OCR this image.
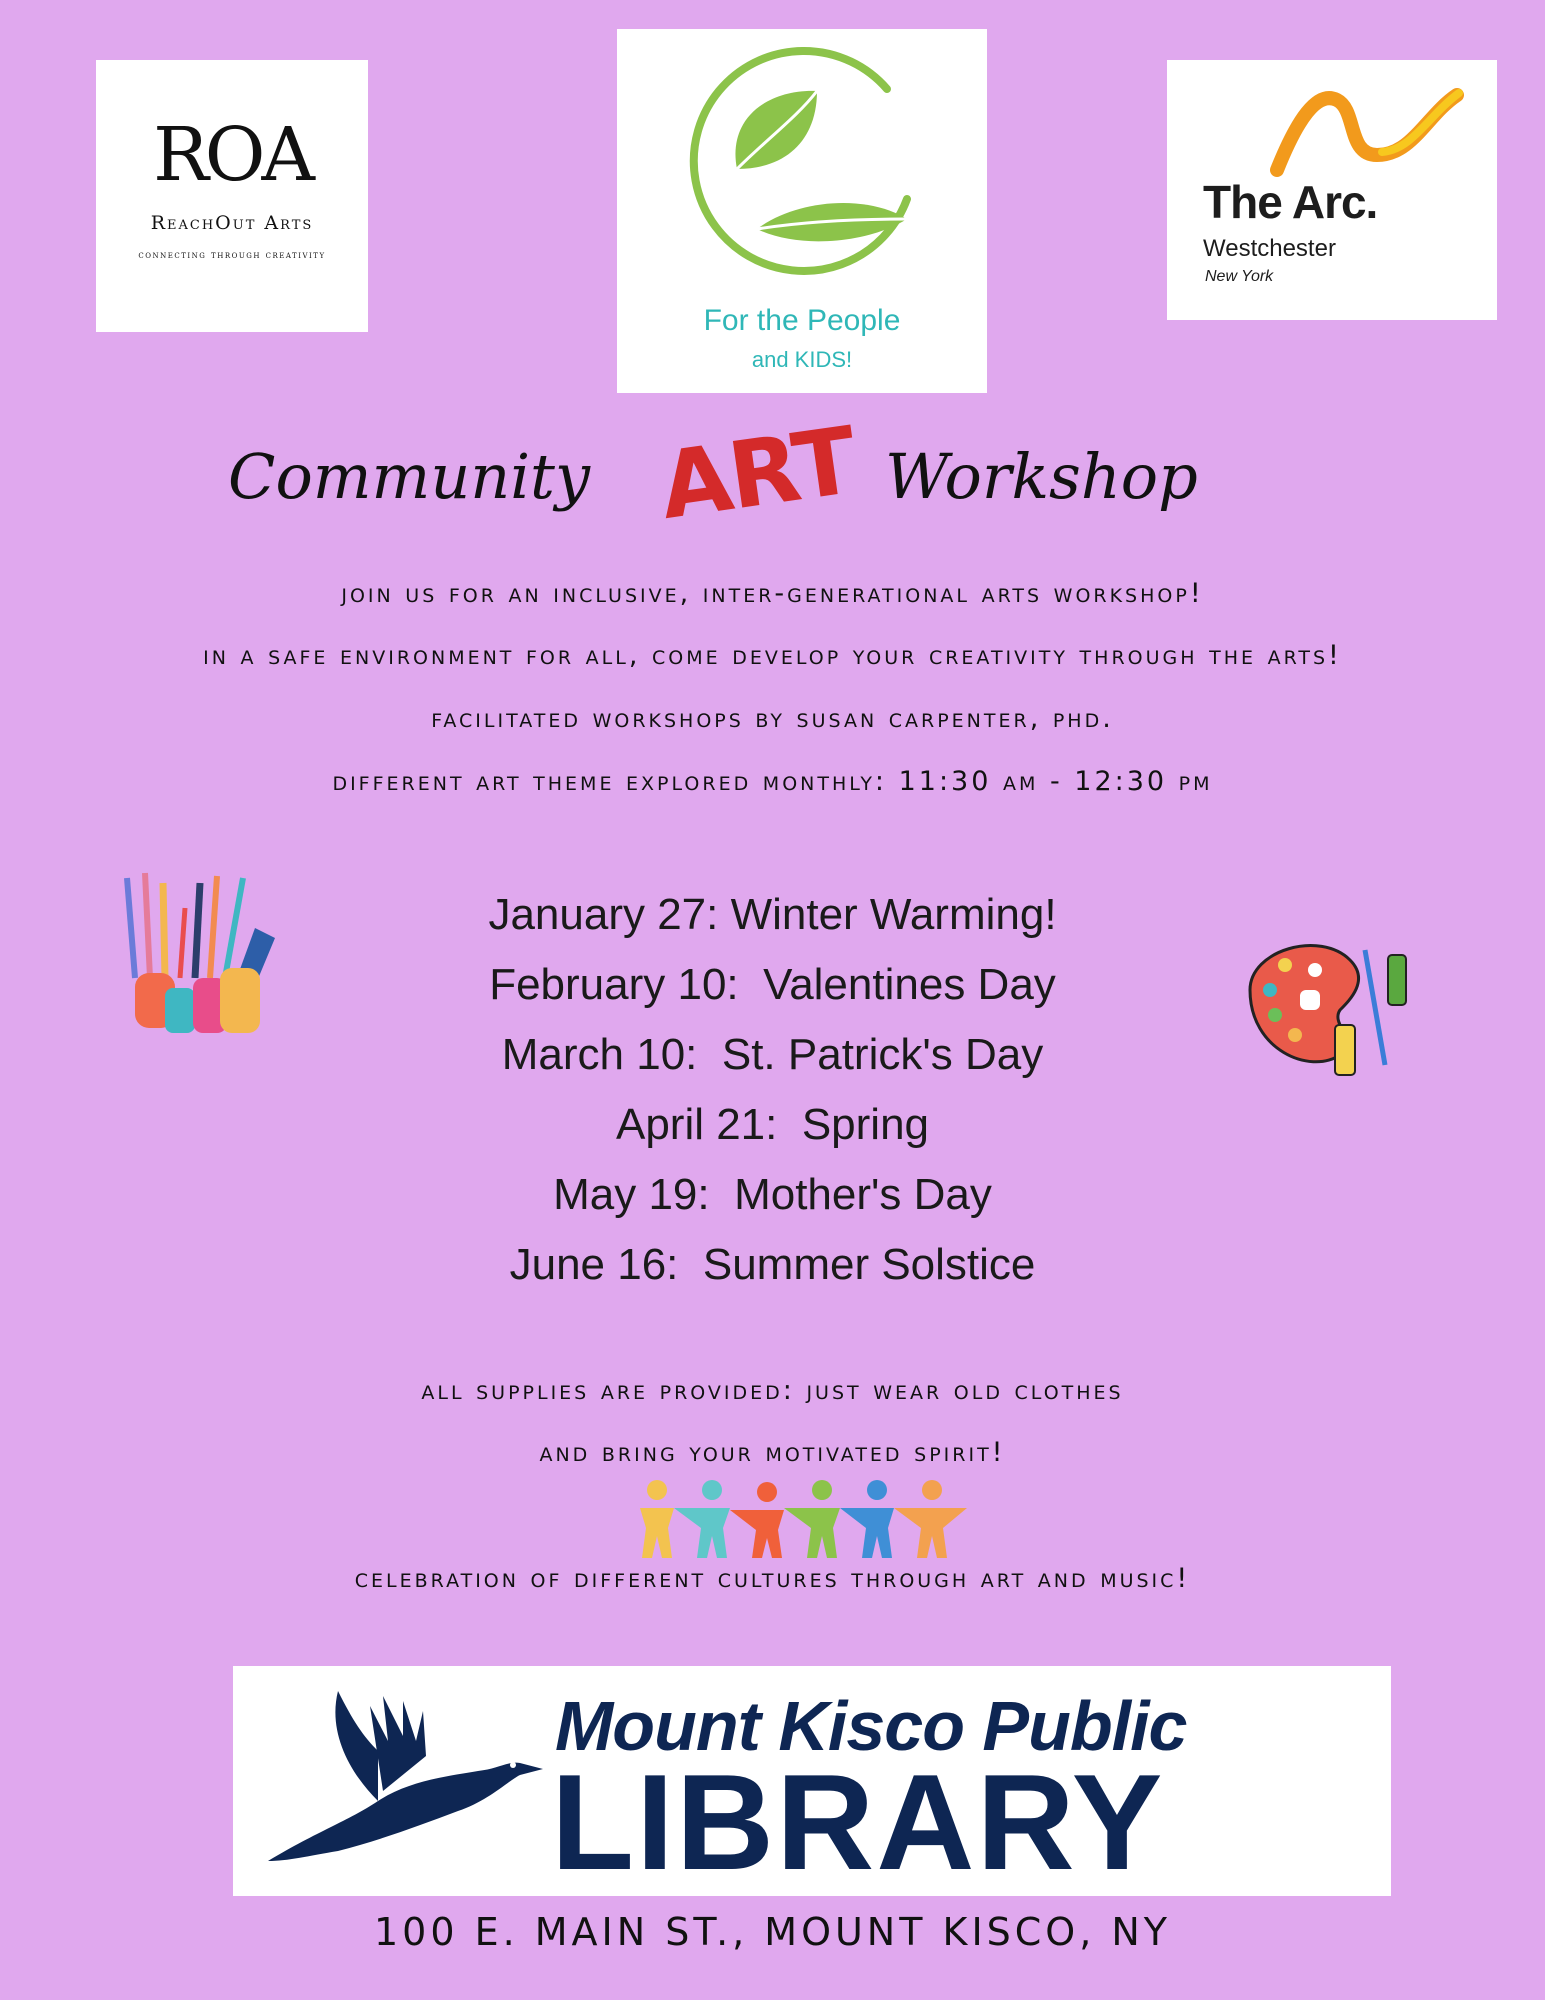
ROA
ReachOut Arts
connecting through creativity
For the People
and KIDS!
The Arc.
Westchester
New York
Community ART Workshop
join us for an inclusive, inter-generational arts workshop!
in a safe environment for all, come develop your creativity through the arts!
facilitated workshops by susan carpenter, phd.
different art theme explored monthly: 11:30 am - 12:30 pm
January 27: Winter Warming!
February 10:  Valentines Day
March 10:  St. Patrick's Day
April 21:  Spring
May 19:  Mother's Day
June 16:  Summer Solstice
all supplies are provided: just wear old clothes
and bring your motivated spirit!
celebration of different cultures through art and music!
Mount Kisco Public
LIBRARY
100 E. MAIN ST., MOUNT KISCO, NY
